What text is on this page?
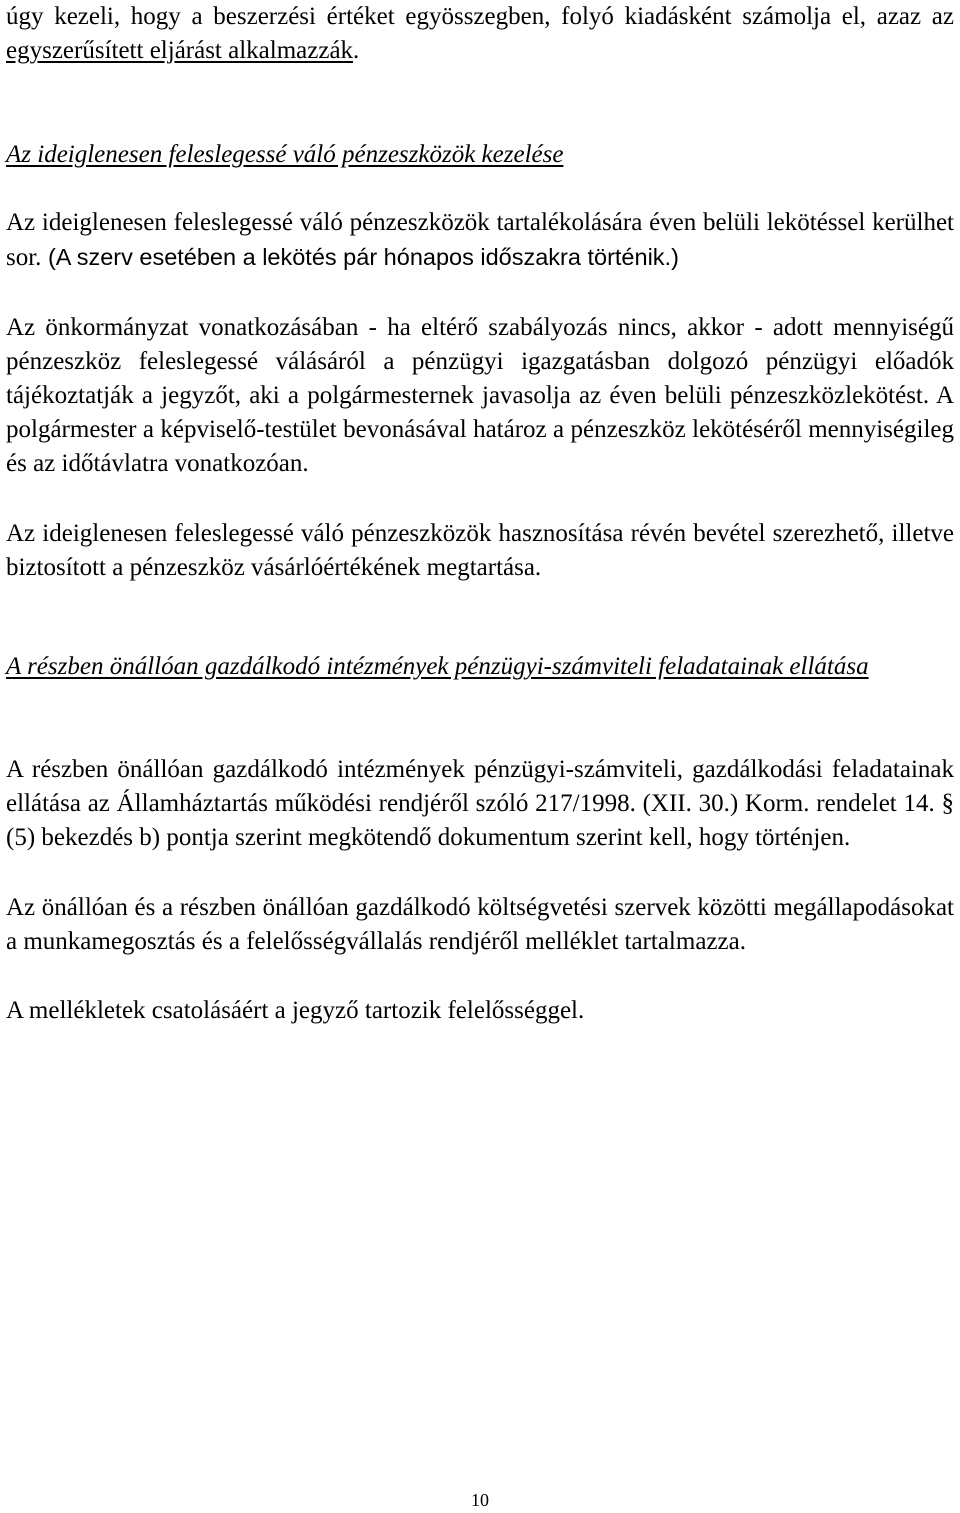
úgy kezeli, hogy a beszerzési értéket egyösszegben, folyó kiadásként számolja el, azaz az egyszerűsített eljárást alkalmazzák.

Az ideiglenesen feleslegessé váló pénzeszközök kezelése

Az ideiglenesen feleslegessé váló pénzeszközök tartalékolására éven belüli lekötéssel kerülhet sor. (A szerv esetében a lekötés pár hónapos időszakra történik.)

Az önkormányzat vonatkozásában - ha eltérő szabályozás nincs, akkor - adott mennyiségű pénzeszköz feleslegessé válásáról a pénzügyi igazgatásban dolgozó pénzügyi előadók tájékoztatják a jegyzőt, aki a polgármesternek javasolja az éven belüli pénzeszközlekötést. A polgármester a képviselő-testület bevonásával határoz a pénzeszköz lekötéséről mennyiségileg és az időtávlatra vonatkozóan.

Az ideiglenesen feleslegessé váló pénzeszközök hasznosítása révén bevétel szerezhető, illetve biztosított a pénzeszköz vásárlóértékének megtartása.

A részben önállóan gazdálkodó intézmények pénzügyi-számviteli feladatainak ellátása

A részben önállóan gazdálkodó intézmények pénzügyi-számviteli, gazdálkodási feladatainak ellátása az Államháztartás működési rendjéről szóló 217/1998. (XII. 30.) Korm. rendelet 14. § (5) bekezdés b) pontja szerint megkötendő dokumentum szerint kell, hogy történjen.

Az önállóan és a részben önállóan gazdálkodó költségvetési szervek közötti megállapodásokat a munkamegosztás és a felelősségvállalás rendjéről melléklet tartalmazza.

A mellékletek csatolásáért a jegyző tartozik felelősséggel.

10
